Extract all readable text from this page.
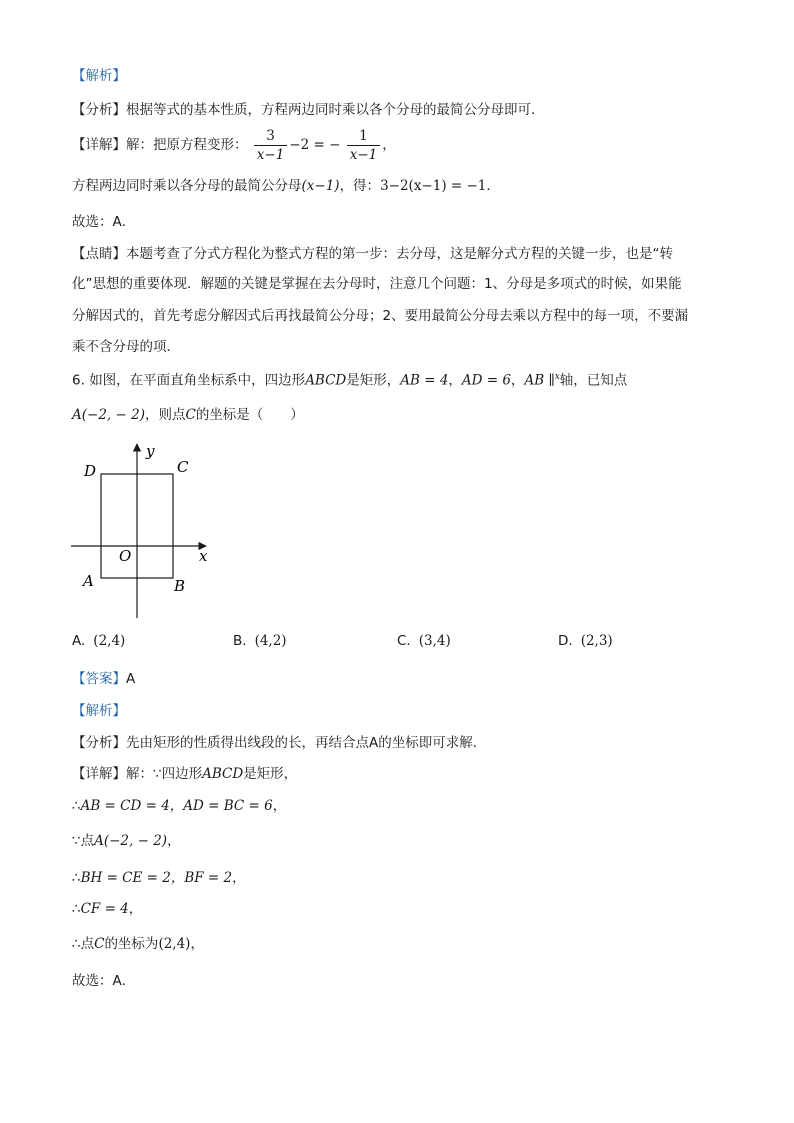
【解析】
【分析】根据等式的基本性质，方程两边同时乘以各个分母的最简公分母即可．
【详解】解：把原方程变形： $\frac{3}{x-1} -2$ = − $\frac{1}{x-1}$ ，
方程两边同时乘以各分母的最简公分母(x−1)，得：3−2(x−1) = −1．
故选：A．
【点睛】本题考查了分式方程化为整式方程的第一步：去分母，这是解分式方程的关键一步，也是“转
化”思想的重要体现．解题的关键是掌握在去分母时，注意几个问题：1、分母是多项式的时候，如果能
分解因式的，首先考虑分解因式后再找最简公分母；2、要用最简公分母去乘以方程中的每一项，不要漏
乘不含分母的项．
6. 如图，在平面直角坐标系中，四边形ABCD是矩形，AB = 4，AD = 6，AB ∥$^x$轴，已知点
A(−2, − 2)，则点C的坐标是（　　）
y
x
O
D	C
A	B
A. (2,4)	B. (4,2)	C. (3,4)	D. (2,3)
【答案】A
【解析】
【分析】先由矩形的性质得出线段的长，再结合点A的坐标即可求解．
【详解】解：∵四边形ABCD是矩形，
∴AB = CD = 4，AD = BC = 6，
∵点A(−2, − 2)，
∴BH = CE = 2，BF = 2，
∴CF = 4，
∴点C的坐标为(2,4)，
故选：A．
